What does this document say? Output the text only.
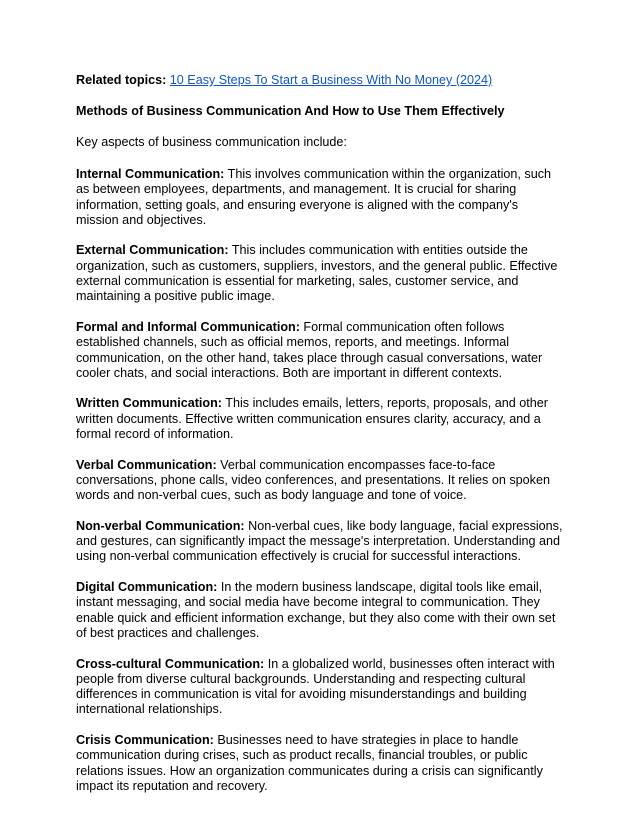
Related topics: 10 Easy Steps To Start a Business With No Money (2024)
Methods of Business Communication And How to Use Them Effectively
Key aspects of business communication include:

Internal Communication: This involves communication within the organization, such as between employees, departments, and management. It is crucial for sharing information, setting goals, and ensuring everyone is aligned with the company's mission and objectives.

External Communication: This includes communication with entities outside the organization, such as customers, suppliers, investors, and the general public. Effective external communication is essential for marketing, sales, customer service, and maintaining a positive public image.

Formal and Informal Communication: Formal communication often follows established channels, such as official memos, reports, and meetings. Informal communication, on the other hand, takes place through casual conversations, water cooler chats, and social interactions. Both are important in different contexts.

Written Communication: This includes emails, letters, reports, proposals, and other written documents. Effective written communication ensures clarity, accuracy, and a formal record of information.

Verbal Communication: Verbal communication encompasses face-to-face conversations, phone calls, video conferences, and presentations. It relies on spoken words and non-verbal cues, such as body language and tone of voice.

Non-verbal Communication: Non-verbal cues, like body language, facial expressions, and gestures, can significantly impact the message's interpretation. Understanding and using non-verbal communication effectively is crucial for successful interactions.

Digital Communication: In the modern business landscape, digital tools like email, instant messaging, and social media have become integral to communication. They enable quick and efficient information exchange, but they also come with their own set of best practices and challenges.

Cross-cultural Communication: In a globalized world, businesses often interact with people from diverse cultural backgrounds. Understanding and respecting cultural differences in communication is vital for avoiding misunderstandings and building international relationships.

Crisis Communication: Businesses need to have strategies in place to handle communication during crises, such as product recalls, financial troubles, or public relations issues. How an organization communicates during a crisis can significantly impact its reputation and recovery.
